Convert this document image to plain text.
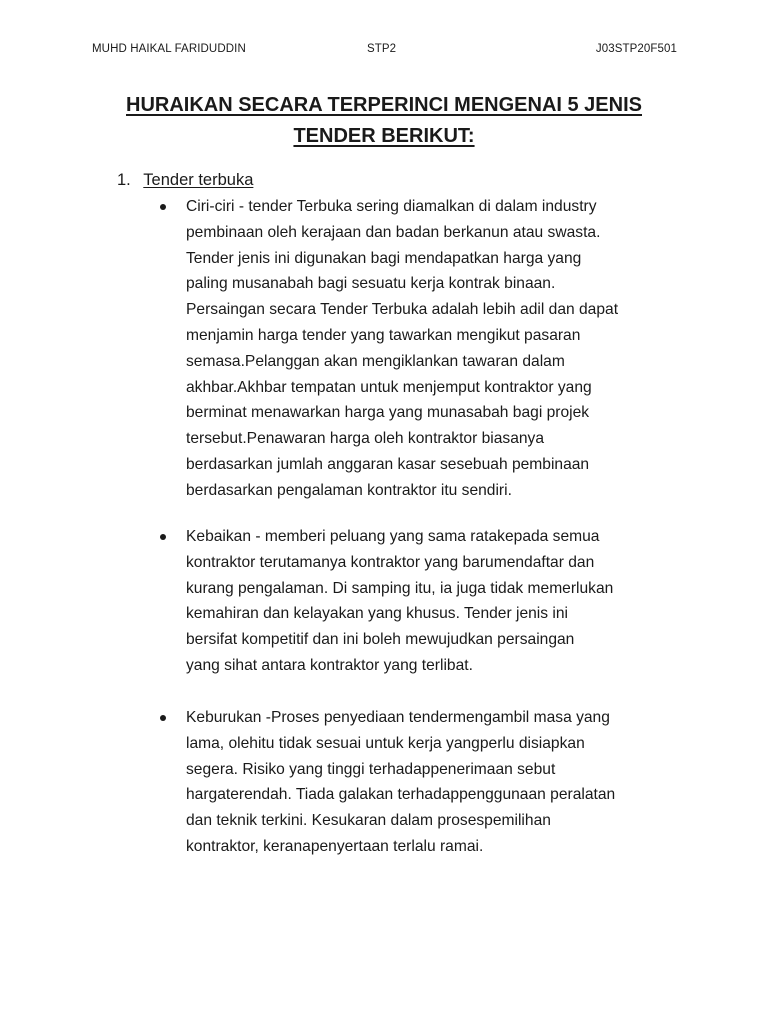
MUHD HAIKAL FARIDUDDIN	STP2	J03STP20F501
HURAIKAN SECARA TERPERINCI MENGENAI 5 JENIS
TENDER BERIKUT:
1. Tender terbuka
Ciri-ciri - tender Terbuka sering diamalkan di dalam industry
pembinaan oleh kerajaan dan badan berkanun atau swasta.
Tender jenis ini digunakan bagi mendapatkan harga yang
paling musanabah bagi sesuatu kerja kontrak binaan.
Persaingan secara Tender Terbuka adalah lebih adil dan dapat
menjamin harga tender yang tawarkan mengikut pasaran
semasa.Pelanggan akan mengiklankan tawaran dalam
akhbar.Akhbar tempatan untuk menjemput kontraktor yang
berminat menawarkan harga yang munasabah bagi projek
tersebut.Penawaran harga oleh kontraktor biasanya
berdasarkan jumlah anggaran kasar sesebuah pembinaan
berdasarkan pengalaman kontraktor itu sendiri.
Kebaikan - memberi peluang yang sama ratakepada semua
kontraktor terutamanya kontraktor yang barumendaftar dan
kurang pengalaman. Di samping itu, ia juga tidak memerlukan
kemahiran dan kelayakan yang khusus. Tender jenis ini
bersifat kompetitif dan ini boleh mewujudkan persaingan
yang sihat antara kontraktor yang terlibat.
Keburukan -Proses penyediaan tendermengambil masa yang
lama, olehitu tidak sesuai untuk kerja yangperlu disiapkan
segera. Risiko yang tinggi terhadappenerimaan sebut
hargaterendah. Tiada galakan terhadappenggunaan peralatan
dan teknik terkini. Kesukaran dalam prosespemilihan
kontraktor, keranapenyertaan terlalu ramai.
